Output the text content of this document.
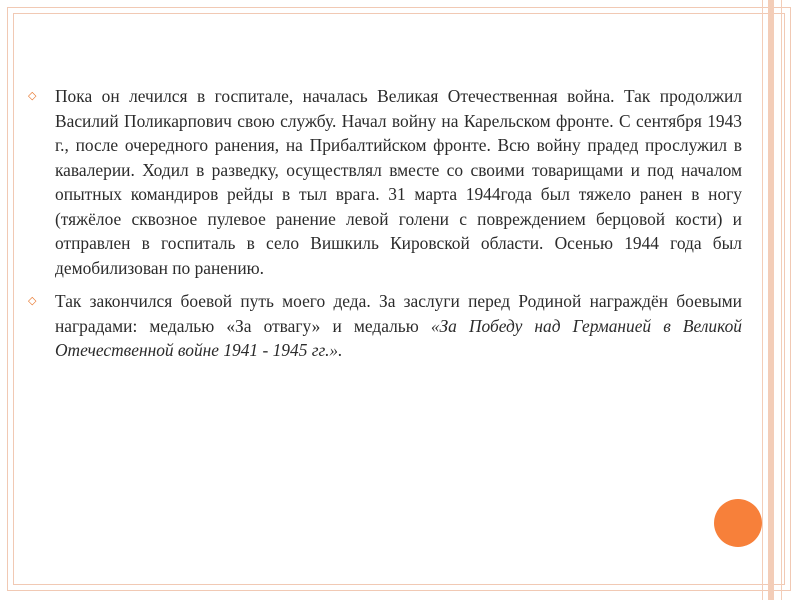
◇ Пока он лечился в госпитале, началась Великая Отечественная война. Так продолжил Василий Поликарпович свою службу. Начал войну на Карельском фронте. С сентября 1943 г., после очередного ранения, на Прибалтийском фронте. Всю войну прадед прослужил в кавалерии. Ходил в разведку, осуществлял вместе со своими товарищами и под началом опытных командиров рейды в тыл врага. 31 марта 1944года был тяжело ранен в ногу (тяжёлое сквозное пулевое ранение левой голени с повреждением берцовой кости) и отправлен в госпиталь в село Вишкиль Кировской области. Осенью 1944 года был демобилизован по ранению.

◇ Так закончился боевой путь моего деда. За заслуги перед Родиной награждён боевыми наградами: медалью «За отвагу» и медалью «За Победу над Германией в Великой Отечественной войне 1941 - 1945 гг.».
